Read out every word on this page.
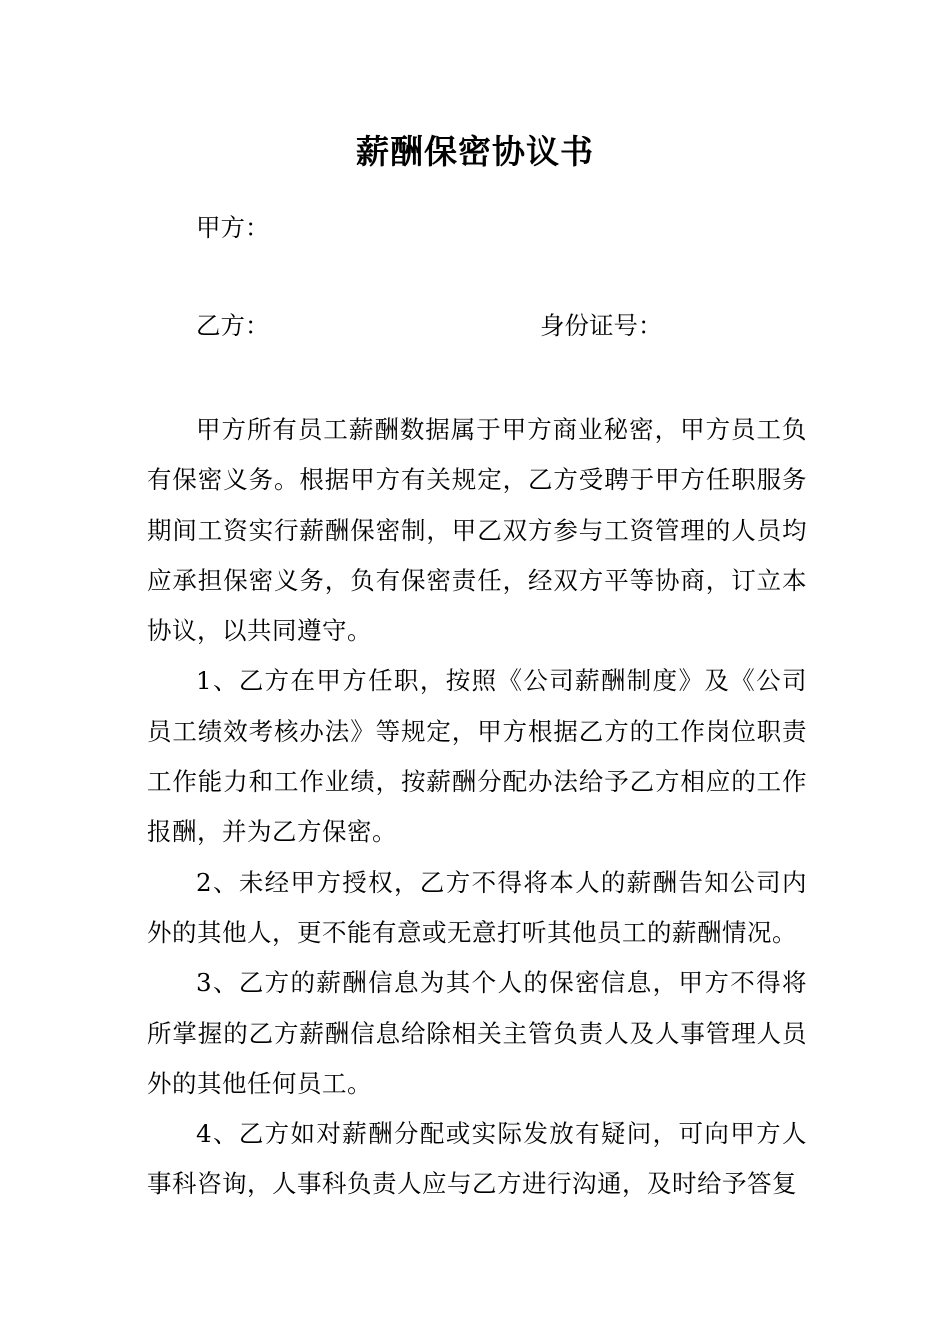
薪酬保密协议书
甲方：
乙方：	身份证号：

甲方所有员工薪酬数据属于甲方商业秘密，甲方员工负有保密义务。根据甲方有关规定，乙方受聘于甲方任职服务期间工资实行薪酬保密制，甲乙双方参与工资管理的人员均应承担保密义务，负有保密责任，经双方平等协商，订立本协议，以共同遵守。

1、乙方在甲方任职，按照《公司薪酬制度》及《公司员工绩效考核办法》等规定，甲方根据乙方的工作岗位职责工作能力和工作业绩，按薪酬分配办法给予乙方相应的工作报酬，并为乙方保密。

2、未经甲方授权，乙方不得将本人的薪酬告知公司内外的其他人，更不能有意或无意打听其他员工的薪酬情况。

3、乙方的薪酬信息为其个人的保密信息，甲方不得将所掌握的乙方薪酬信息给除相关主管负责人及人事管理人员外的其他任何员工。

4、乙方如对薪酬分配或实际发放有疑问，可向甲方人事科咨询，人事科负责人应与乙方进行沟通，及时给予答复
